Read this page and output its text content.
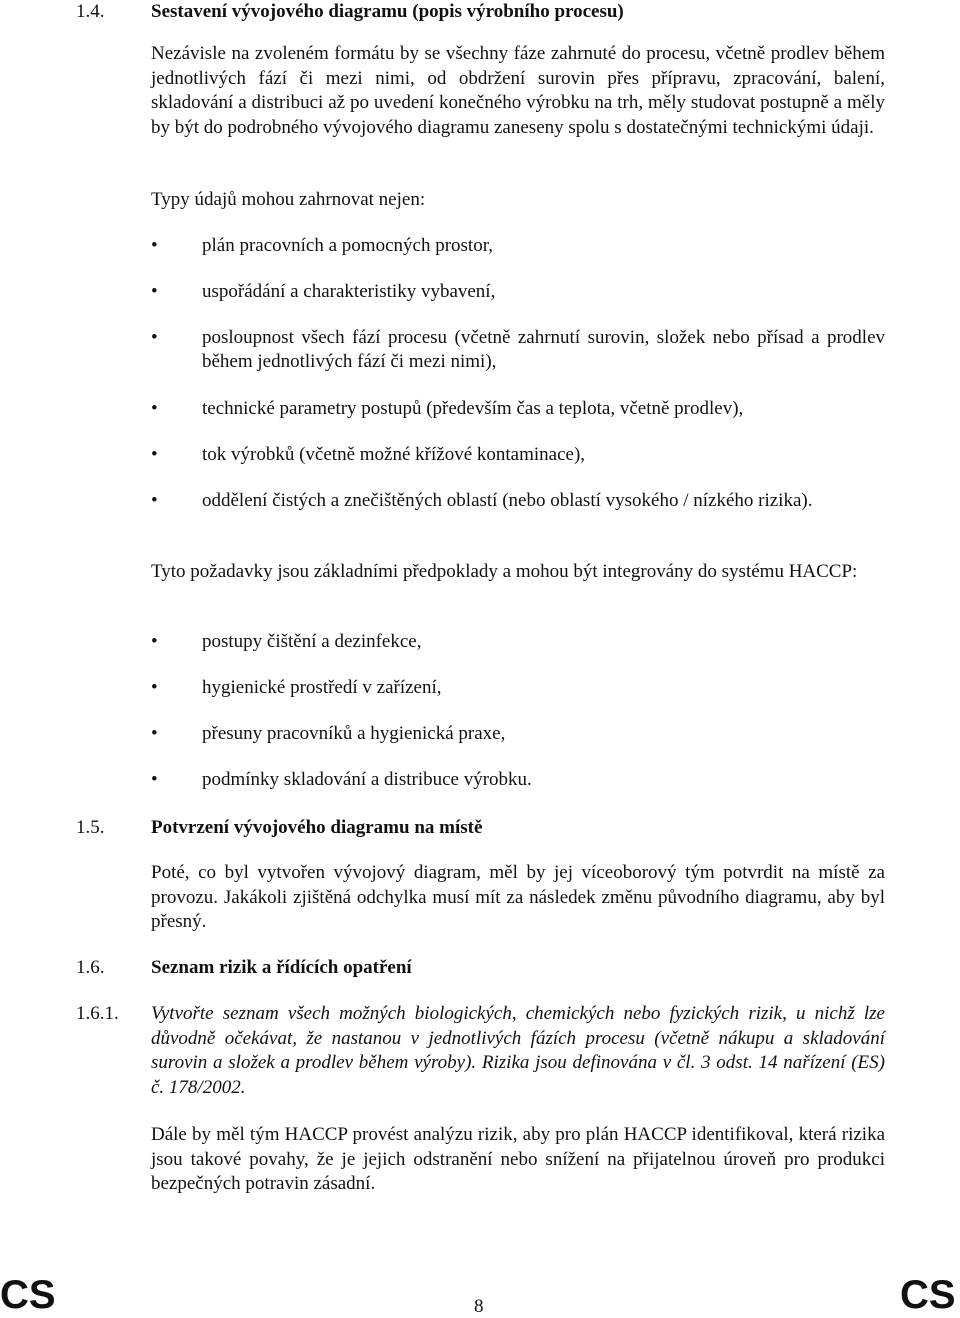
1.4. Sestavení vývojového diagramu (popis výrobního procesu)

Nezávisle na zvoleném formátu by se všechny fáze zahrnuté do procesu, včetně prodlev během jednotlivých fází či mezi nimi, od obdržení surovin přes přípravu, zpracování, balení, skladování a distribuci až po uvedení konečného výrobku na trh, měly studovat postupně a měly by být do podrobného vývojového diagramu zaneseny spolu s dostatečnými technickými údaji.

Typy údajů mohou zahrnovat nejen:

• plán pracovních a pomocných prostor,

• uspořádání a charakteristiky vybavení,

• posloupnost všech fází procesu (včetně zahrnutí surovin, složek nebo přísad a prodlev během jednotlivých fází či mezi nimi),

• technické parametry postupů (především čas a teplota, včetně prodlev),

• tok výrobků (včetně možné křížové kontaminace),

• oddělení čistých a znečištěných oblastí (nebo oblastí vysokého / nízkého rizika).

Tyto požadavky jsou základními předpoklady a mohou být integrovány do systému HACCP:

• postupy čištění a dezinfekce,

• hygienické prostředí v zařízení,

• přesuny pracovníků a hygienická praxe,

• podmínky skladování a distribuce výrobku.

1.5. Potvrzení vývojového diagramu na místě

Poté, co byl vytvořen vývojový diagram, měl by jej víceoborový tým potvrdit na místě za provozu. Jakákoli zjištěná odchylka musí mít za následek změnu původního diagramu, aby byl přesný.

1.6. Seznam rizik a řídících opatření
1.6.1. Vytvořte seznam všech možných biologických, chemických nebo fyzických rizik, u nichž lze důvodně očekávat, že nastanou v jednotlivých fázích procesu (včetně nákupu a skladování surovin a složek a prodlev během výroby). Rizika jsou definována v čl. 3 odst. 14 nařízení (ES) č. 178/2002.

Dále by měl tým HACCP provést analýzu rizik, aby pro plán HACCP identifikoval, která rizika jsou takové povahy, že je jejich odstranění nebo snížení na přijatelnou úroveň pro produkci bezpečných potravin zásadní.

CS	8	CS
